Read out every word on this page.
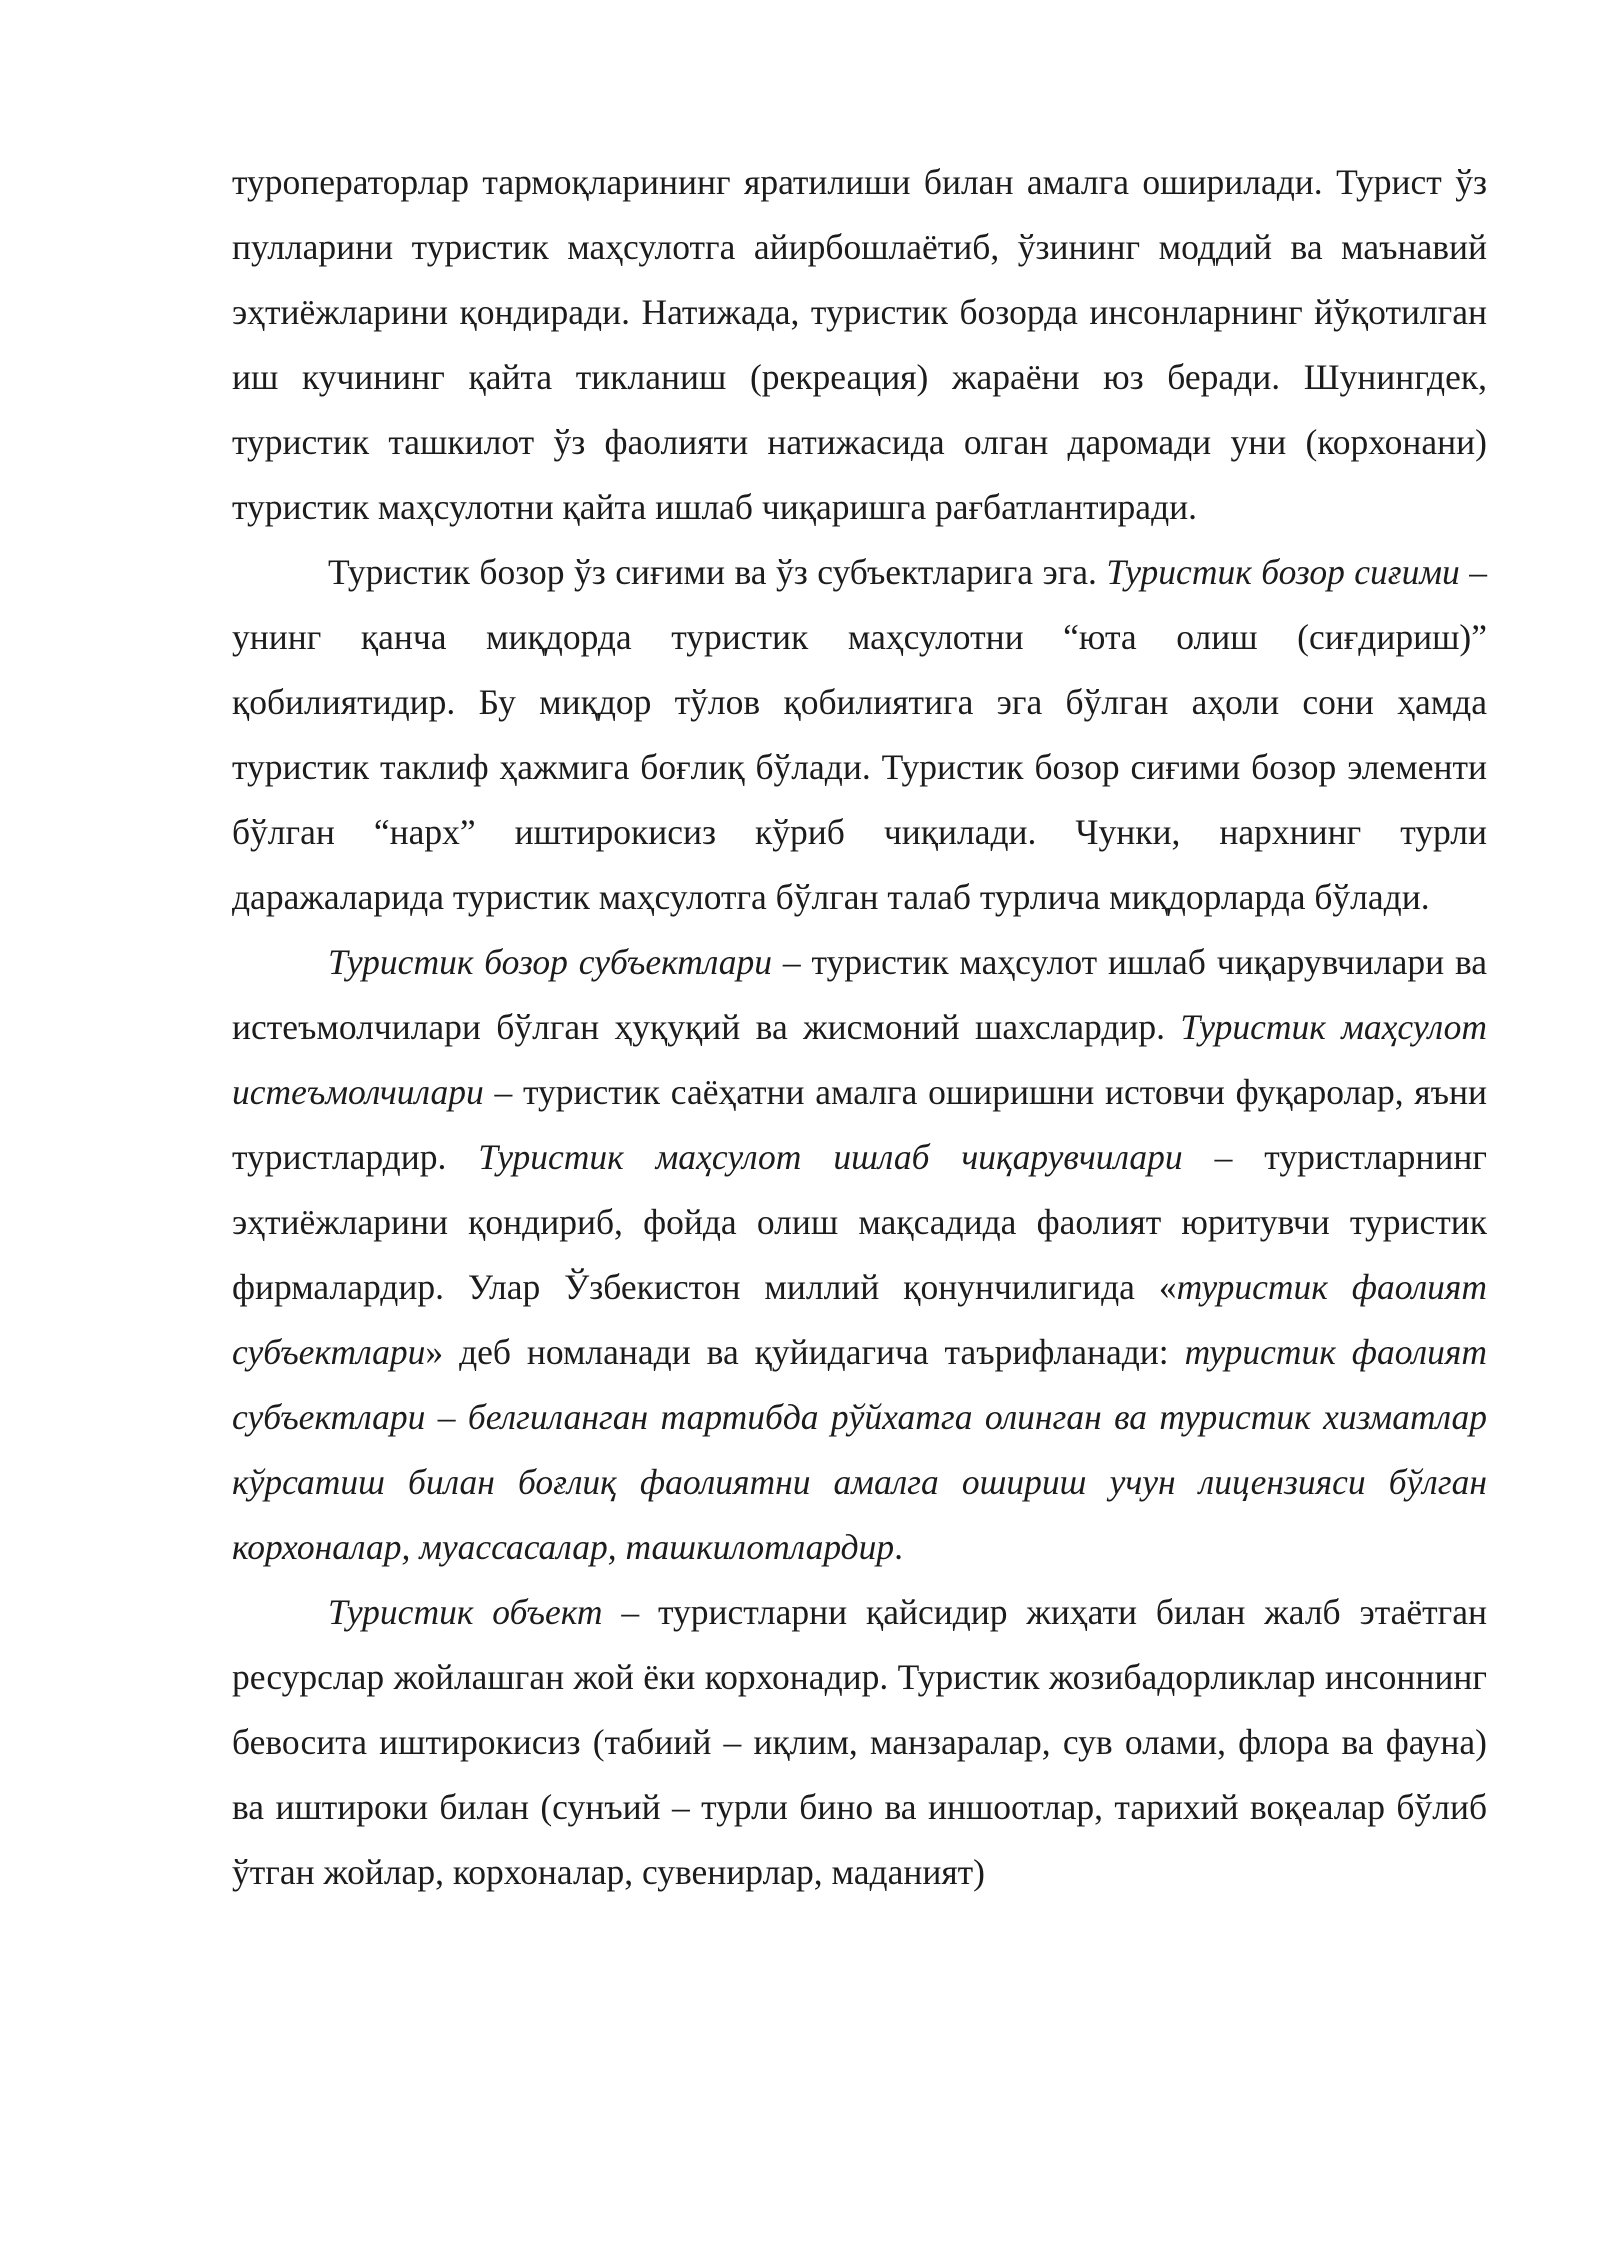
туроператорлар тармоқларининг яратилиши билан амалга оширилади. Турист ўз пулларини туристик маҳсулотга айирбошлаётиб, ўзининг моддий ва маънавий эҳтиёжларини қондиради. Натижада, туристик бозорда инсонларнинг йўқотилган иш кучининг қайта тикланиш (рекреация) жараёни юз беради. Шунингдек, туристик ташкилот ўз фаолияти натижасида олган даромади уни (корхонани) туристик маҳсулотни қайта ишлаб чиқаришга рағбатлантиради.

Туристик бозор ўз сиғими ва ўз субъектларига эга. Туристик бозор сиғими – унинг қанча миқдорда туристик маҳсулотни “юта олиш (сиғдириш)” қобилиятидир. Бу миқдор тўлов қобилиятига эга бўлган аҳоли сони ҳамда туристик таклиф ҳажмига боғлиқ бўлади. Туристик бозор сиғими бозор элементи бўлган “нарх” иштирокисиз кўриб чиқилади. Чунки, нархнинг турли даражаларида туристик маҳсулотга бўлган талаб турлича миқдорларда бўлади.

Туристик бозор субъектлари – туристик маҳсулот ишлаб чиқарувчилари ва истеъмолчилари бўлган ҳуқуқий ва жисмоний шахслардир. Туристик маҳсулот истеъмолчилари – туристик саёҳатни амалга оширишни истовчи фуқаролар, яъни туристлардир. Туристик маҳсулот ишлаб чиқарувчилари – туристларнинг эҳтиёжларини қондириб, фойда олиш мақсадида фаолият юритувчи туристик фирмалардир. Улар Ўзбекистон миллий қонунчилигида «туристик фаолият субъектлари» деб номланади ва қуйидагича таърифланади: туристик фаолият субъектлари – белгиланган тартибда рўйхатга олинган ва туристик хизматлар кўрсатиш билан боғлиқ фаолиятни амалга ошириш учун лицензияси бўлган корхоналар, муассасалар, ташкилотлардир.

Туристик объект – туристларни қайсидир жиҳати билан жалб этаётган ресурслар жойлашган жой ёки корхонадир. Туристик жозибадорликлар инсоннинг бевосита иштирокисиз (табиий – иқлим, манзаралар, сув олами, флора ва фауна) ва иштироки билан (сунъий – турли бино ва иншоотлар, тарихий воқеалар бўлиб ўтган жойлар, корхоналар, сувенирлар, маданият)
